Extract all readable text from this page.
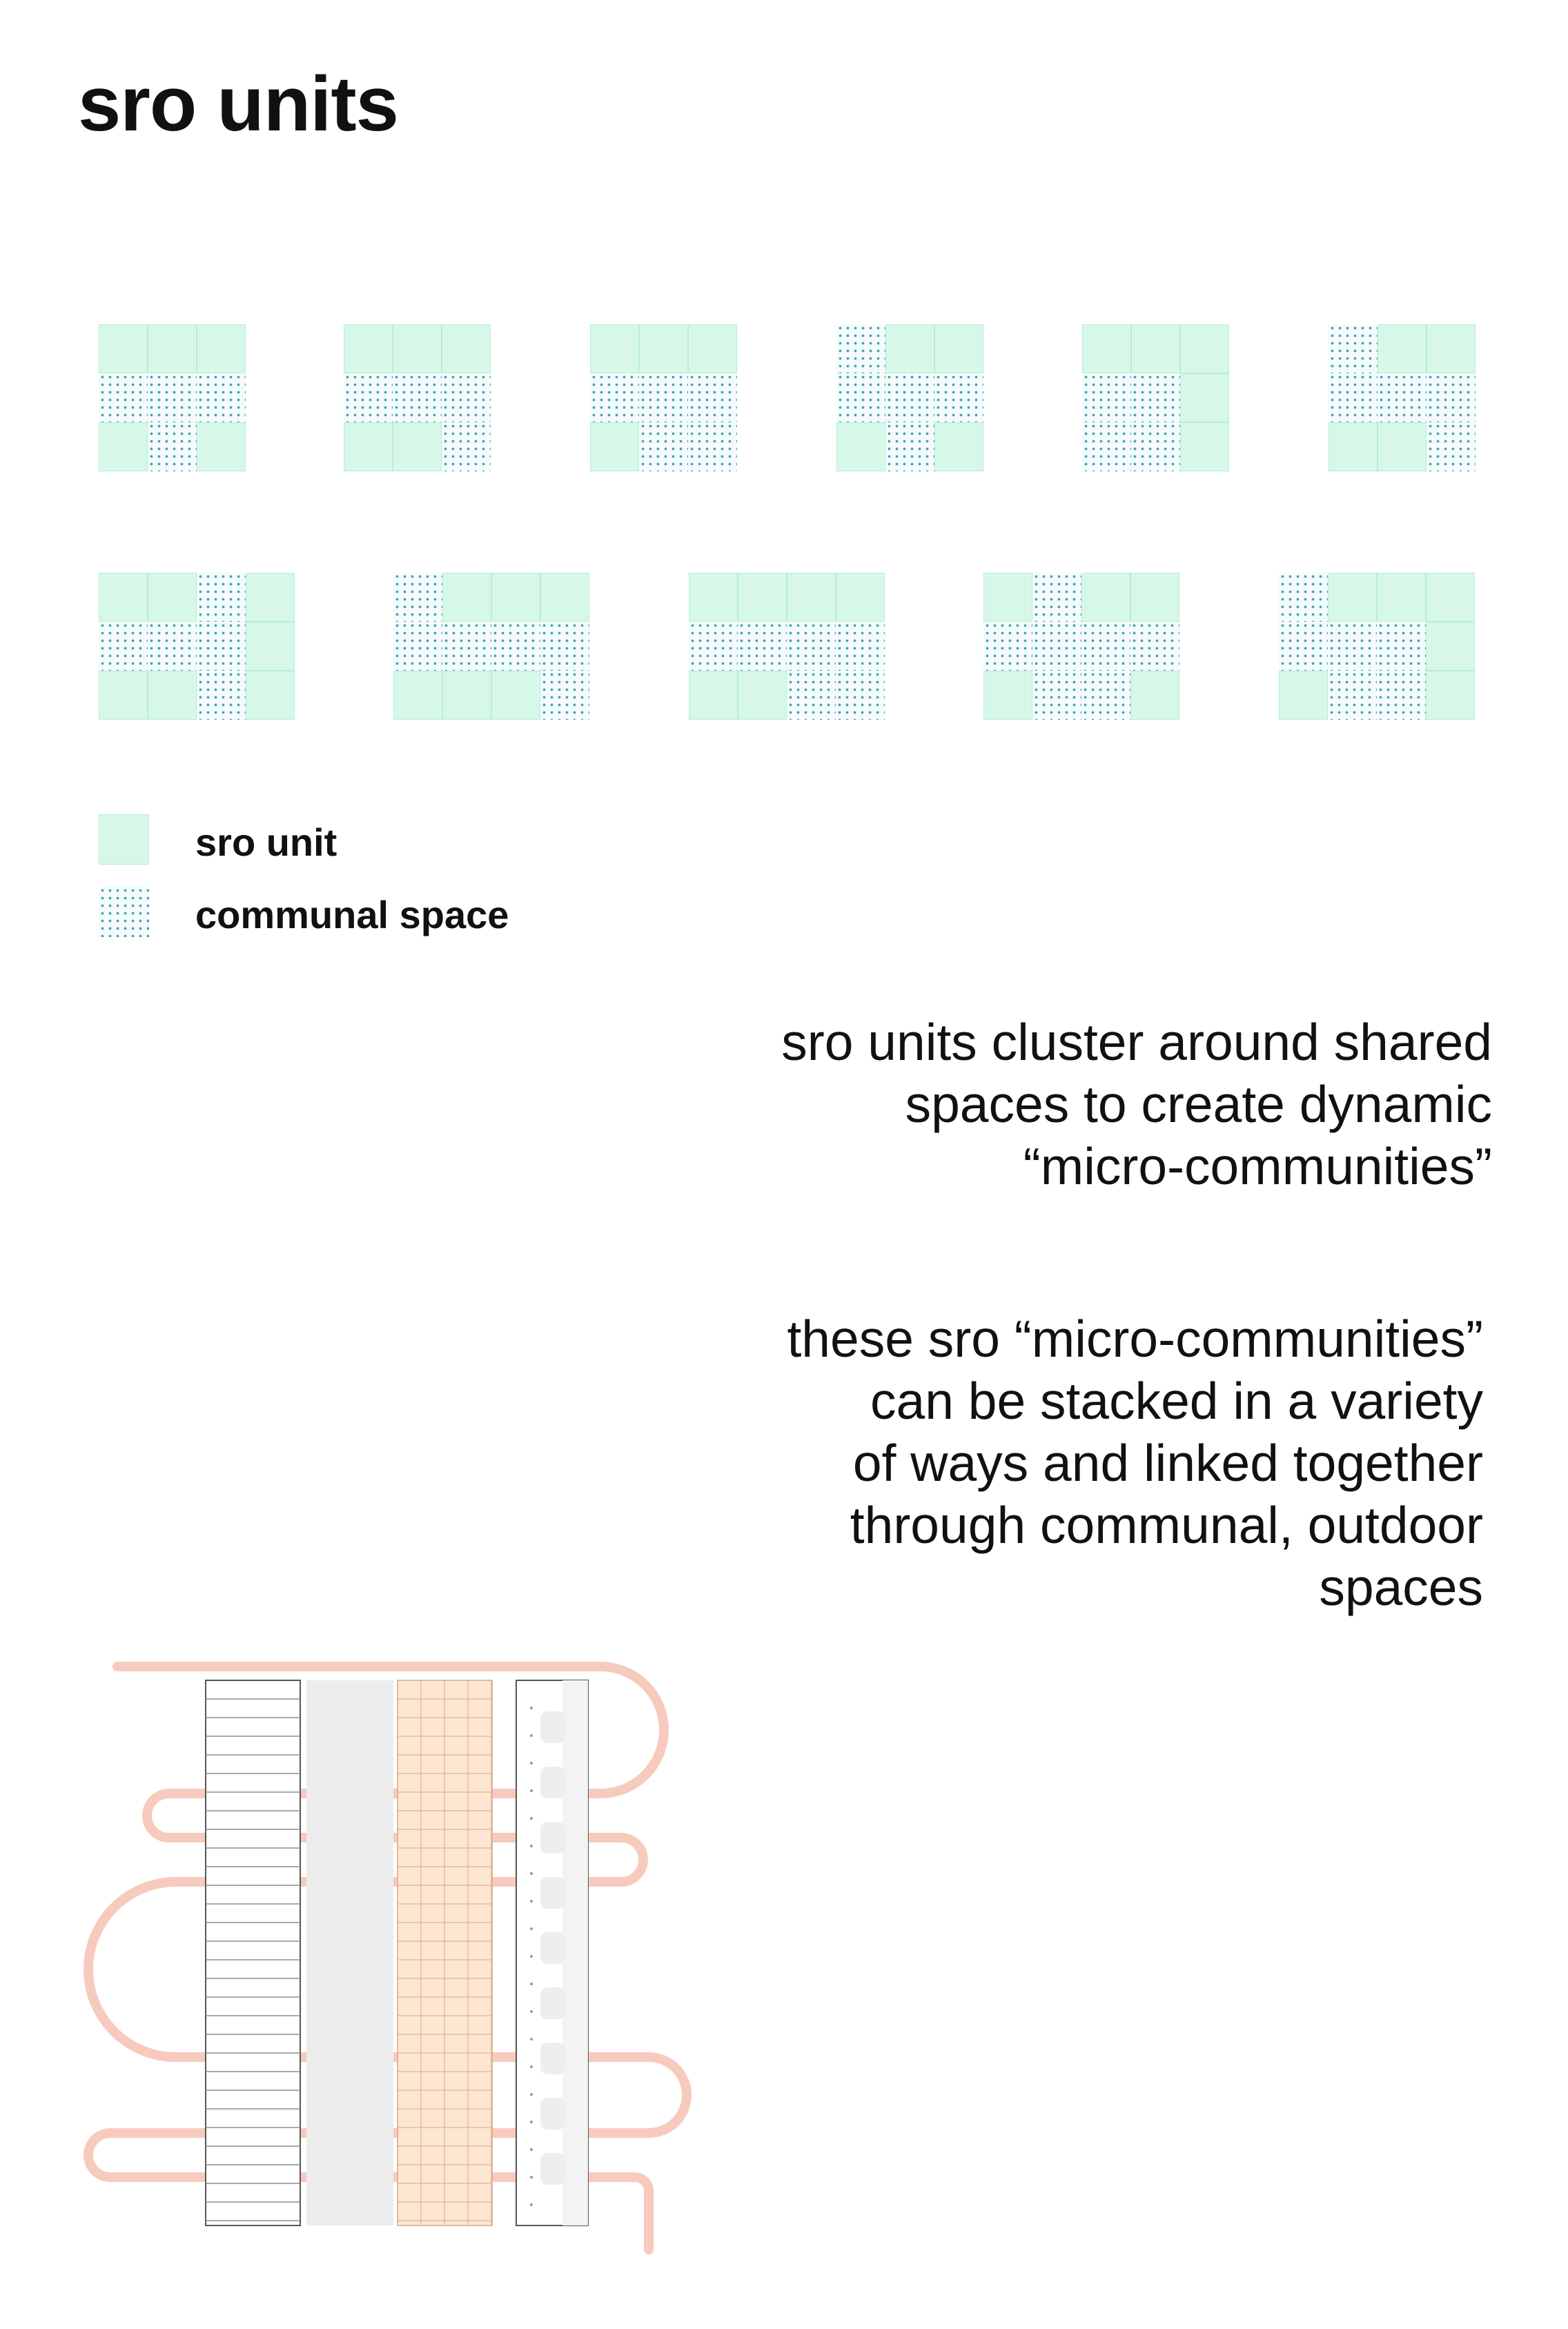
sro units
sro unit
communal space

sro units cluster around shared
spaces to create dynamic
“micro-communities”

these sro “micro-communities”
can be stacked in a variety
of ways and linked together
through communal, outdoor
spaces
